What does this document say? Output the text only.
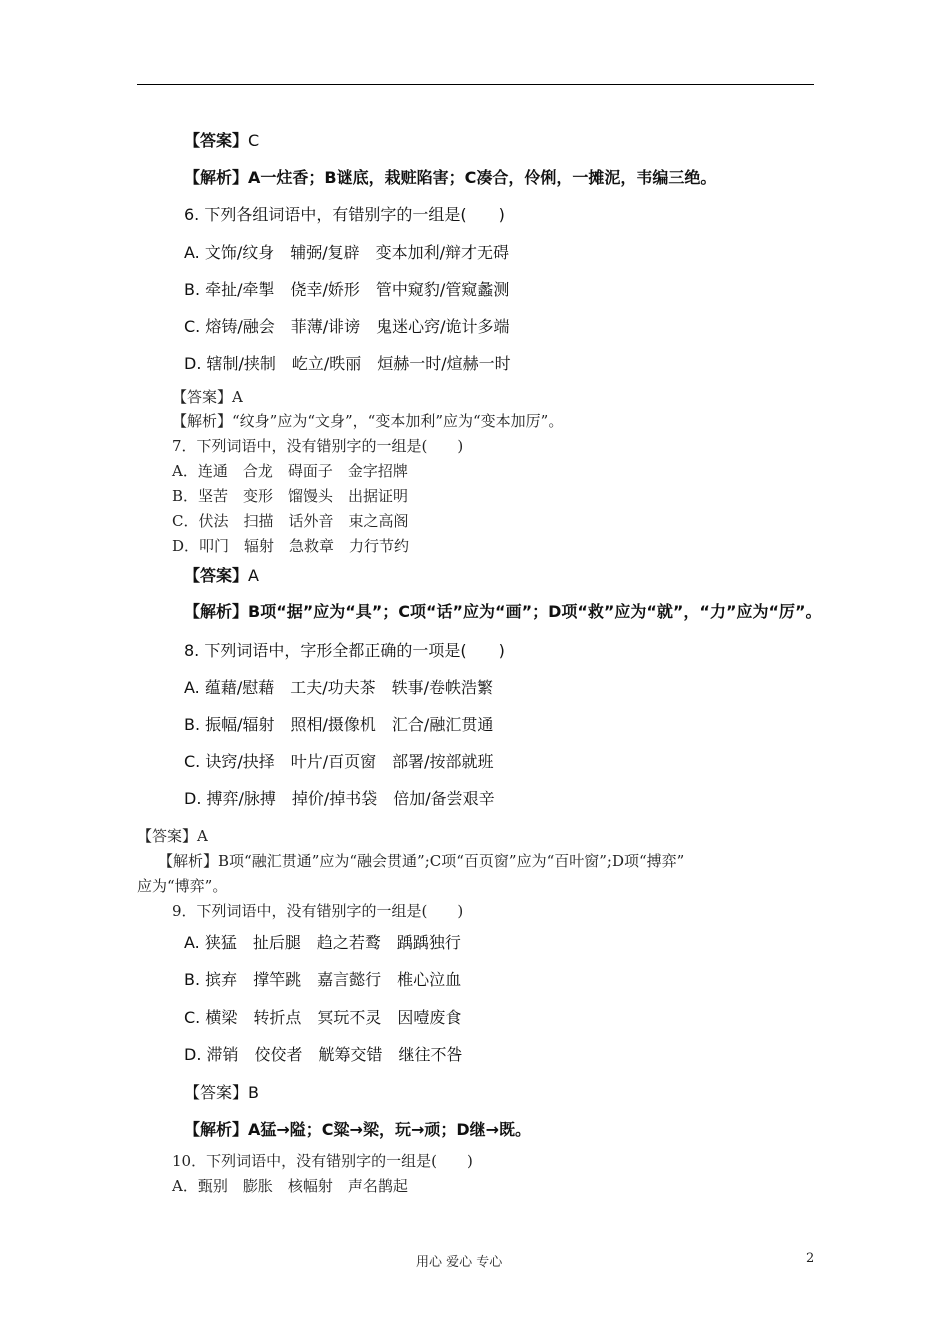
【答案】C
【解析】A一炷香；B谜底，栽赃陷害；C凑合，伶俐，一摊泥，韦编三绝。
6. 下列各组词语中，有错别字的一组是(　　)
A. 文饰/纹身　辅弼/复辟　变本加利/辩才无碍
B. 牵扯/牵掣　侥幸/娇形　管中窥豹/管窥蠡测
C. 熔铸/融会　菲薄/诽谤　鬼迷心窍/诡计多端
D. 辖制/挟制　屹立/昳丽　烜赫一时/煊赫一时
【答案】A
【解析】“纹身”应为“文身”，“变本加利”应为“变本加厉”。
7．下列词语中，没有错别字的一组是(　　)
A．连通　合龙　碍面子　金字招牌
B．坚苦　变形　馏馒头　出据证明
C．伏法　扫描　话外音　束之高阁
D．叩门　辐射　急救章　力行节约
【答案】A
【解析】B项“据”应为“具”；C项“话”应为“画”；D项“救”应为“就”，“力”应为“厉”。
8. 下列词语中，字形全都正确的一项是(　　)
A. 蕴藉/慰藉　工夫/功夫茶　轶事/卷帙浩繁
B. 振幅/辐射　照相/摄像机　汇合/融汇贯通
C. 诀窍/抉择　叶片/百页窗　部署/按部就班
D. 搏弈/脉搏　掉价/掉书袋　倍加/备尝艰辛
【答案】A
【解析】B项“融汇贯通”应为“融会贯通”;C项“百页窗”应为“百叶窗”;D项“搏弈”
应为“博弈”。
9．下列词语中，没有错别字的一组是(　　)
A. 狭猛　扯后腿　趋之若鹜　踽踽独行
B. 摈弃　撑竿跳　嘉言懿行　椎心泣血
C. 横梁　转折点　冥玩不灵　因噎废食
D. 滞销　佼佼者　觥筹交错　继往不咎
【答案】B
【解析】A猛→隘；C粱→梁，玩→顽；D继→既。
10．下列词语中，没有错别字的一组是(　　)
A．甄别　膨胀　核幅射　声名鹊起
用心 爱心 专心	2
